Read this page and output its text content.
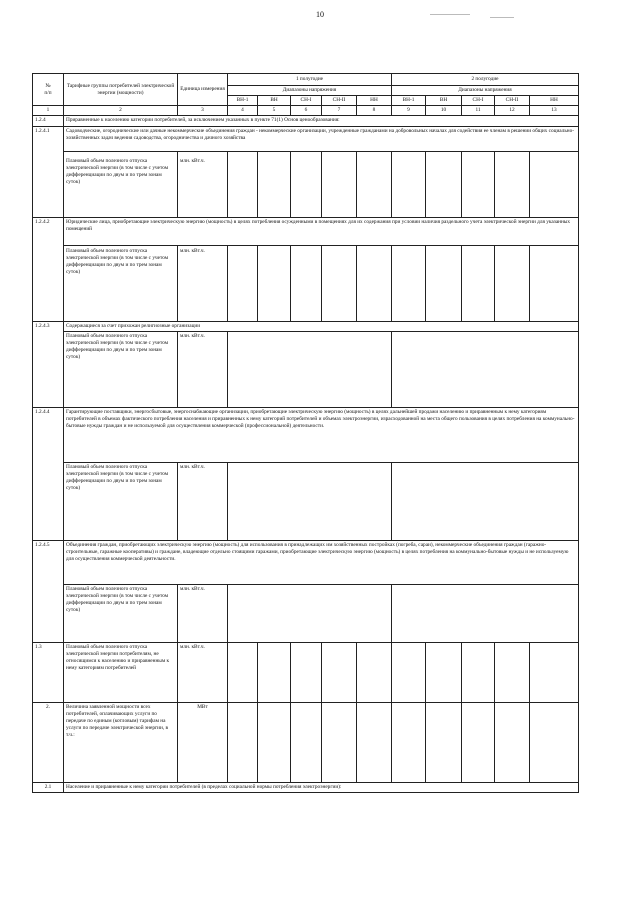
10
№
п/п	Тарифные группы потребителей электрической энергии (мощности)	Единица измерения	1 полугодие					2 полугодие				
			Диапазоны напряжения					Диапазоны напряжения				
			ВН-1	ВН	СН-I	СН-II	НН	ВН-1	ВН	СН-I	СН-II	НН
1	2	3	4	5	6	7	8	9	10	11	12	13
1.2.4	Приравненные к населению категории потребителей, за исключением указанных в пункте 71(1) Основ ценообразования:											
1.2.4.1	Садоводческие, огороднические или дачные некоммерческие объединения граждан - некоммерческие организации, учрежденные гражданами на добровольных началах для содействия ее членам в решении общих социально-хозяйственных задач ведения садоводства, огородничества и дачного хозяйства											
	Плановый объем полезного отпуска электрической энергии (в том числе с учетом дифференциации по двум и по трем зонам суток)	млн. кВт.ч.										
1.2.4.2	Юридические лица, приобретающие электрическую энергию (мощность) в целях потребления осужденными в помещениях для их содержания при условии наличия раздельного учета электрической энергии для указанных помещений											
	Плановый объем полезного отпуска электрической энергии (в том числе с учетом дифференциации по двум и по трем зонам суток)	млн. кВт.ч.										
1.2.4.3	Содержащиеся за счет прихожан религиозные организации											
	Плановый объем полезного отпуска электрической энергии (в том числе с учетом дифференциации по двум и по трем зонам суток)	млн. кВт.ч.										
1.2.4.4	Гарантирующие поставщики, энергосбытовые, энергоснабжающие организации, приобретающие электрическую энергию (мощность) в целях дальнейшей продажи населению и приравненным к нему категориям потребителей в объемах фактического потребления населения и приравненных к нему категорий потребителей и объемах электроэнергии, израсходованной на места общего пользования в целях потребления на коммунально-бытовые нужды граждан и не используемой для осуществления коммерческой (профессиональной) деятельности.											
	Плановый объем полезного отпуска электрической энергии (в том числе с учетом дифференциации по двум и по трем зонам суток)	млн. кВт.ч.										
1.2.4.5	Объединения граждан, приобретающих электрическую энергию (мощность) для использования в принадлежащих им хозяйственных постройках (погреба, сараи), некоммерческие объединения граждан (гаражно-строительные, гаражные кооперативы) и граждане, владеющие отдельно стоящими гаражами, приобретающие электрическую энергию (мощность) в целях потребления на коммунально-бытовые нужды и не используемую для осуществления коммерческой деятельности.											
	Плановый объем полезного отпуска электрической энергии (в том числе с учетом дифференциации по двум и по трем зонам суток)	млн. кВт.ч.										
1.3	Плановый объем полезного отпуска электрической энергии потребителям, не относящимся к населению и приравненным к нему категориям потребителей	млн. кВт.ч.										
2.	Величина заявленной мощности всех потребителей, оплачивающих услуги по передаче по единым (котловым) тарифам на услуги по передаче электрической энергии, в т.ч.:	МВт										
2.1	Население и приравненные к нему категории потребителей (в пределах социальной нормы потребления электроэнергии):											
